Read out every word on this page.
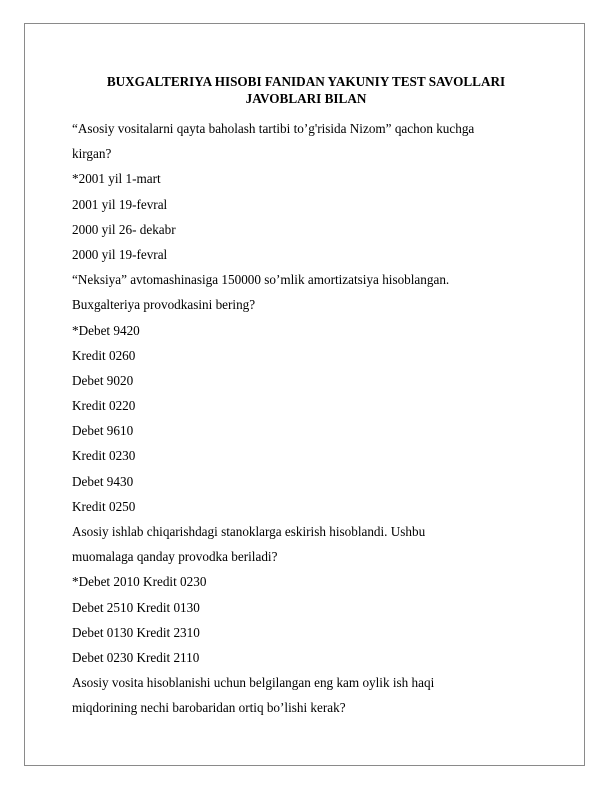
BUXGALTERIYA HISOBI FANIDAN YAKUNIY TEST SAVOLLARI JAVOBLARI BILAN
“Asosiy vositalarni qayta baholash tartibi to’g'risida Nizom” qachon kuchga
kirgan?
*2001 yil 1-mart
2001 yil 19-fevral
2000 yil 26- dekabr
2000 yil 19-fevral
“Neksiya” avtomashinasiga 150000 so’mlik amortizatsiya hisoblangan.
Buxgalteriya provodkasini bering?
*Debet 9420
Kredit 0260
Debet 9020
Kredit 0220
Debet 9610
Kredit 0230
Debet 9430
Kredit 0250
Asosiy ishlab chiqarishdagi stanoklarga eskirish hisoblandi. Ushbu
muomalaga qanday provodka beriladi?
*Debet 2010 Kredit 0230
Debet 2510 Kredit 0130
Debet 0130 Kredit 2310
Debet 0230 Kredit 2110
Asosiy vosita hisoblanishi uchun belgilangan eng kam oylik ish haqi
miqdorining nechi barobaridan ortiq bo’lishi kerak?
